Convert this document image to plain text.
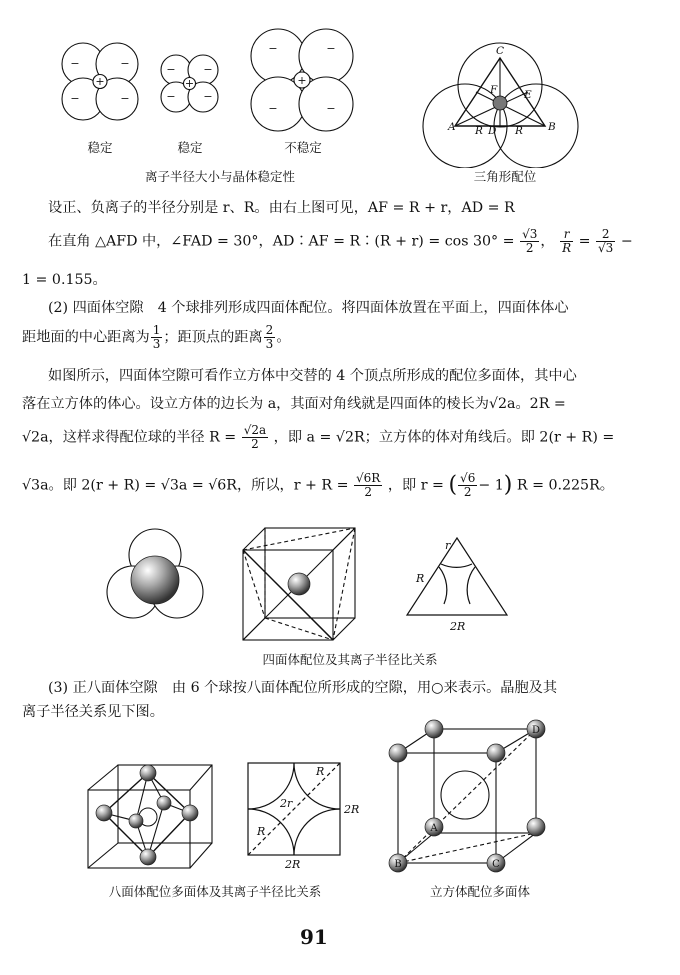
−	−
−	−
+
−	−
−	−
+
−	−
−	−
+
稳定	稳定	不稳定
离子半径大小与晶体稳定性
C
F	E
A	B
R D R
三角形配位
设正、负离子的半径分别是 r、R。由右上图可见，AF = R + r，AD = R
在直角 △AFD 中，∠FAD = 30°，AD∶AF = R∶(R + $r) = \cos 30^\circ = \frac{√3}{2}$ ， $\frac{r}{R} = \frac{2}{√3}$ −
1 = 0.155。
(2) 四面体空隙　4 个球排列形成四面体配位。将四面体放置在平面上，四面体体心
距地面的中心距离为 $\frac{1}{3}$ ；距顶点的距离 $\frac{2}{3}$ 。
如图所示，四面体空隙可看作立方体中交替的 4 个顶点所形成的配位多面体，其中心
落在立方体的体心。设立方体的边长为 a，其面对角线就是四面体的棱长为√2a。2R =
√2a，这样求得配位球的半径 $R = \frac{√2a}{2}$ ，即 a = √2R；立方体的体对角线后。即 2(r + R) =
√3a。即 2(r + R) = √3a = √6R，所以，$r + R = \frac{√6R}{2}$ ，即 r = ( $\frac{√6}{2} - 1$) R = 0.225R。
r
R
2R
四面体配位及其离子半径比关系
(3) 正八面体空隙　由 6 个球按八面体配位所形成的空隙，用○来表示。晶胞及其
离子半径关系见下图。
R
2r	2R
R
2R
D
A
B	C
八面体配位多面体及其离子半径比关系	立方体配位多面体
91
